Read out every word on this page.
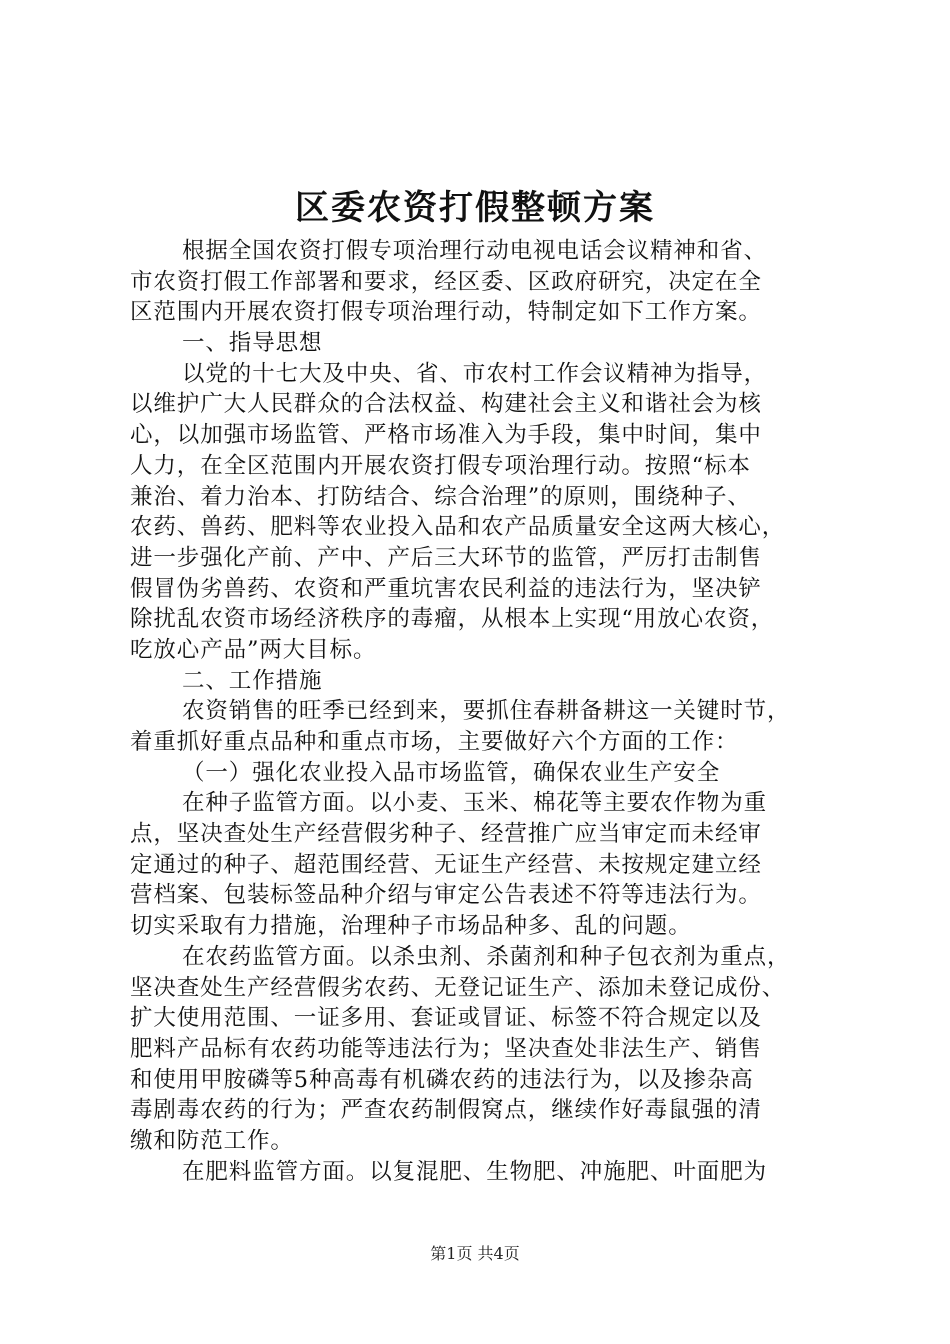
区委农资打假整顿方案
根据全国农资打假专项治理行动电视电话会议精神和省、
市农资打假工作部署和要求，经区委、区政府研究，决定在全
区范围内开展农资打假专项治理行动，特制定如下工作方案。
一、指导思想
以党的十七大及中央、省、市农村工作会议精神为指导，
以维护广大人民群众的合法权益、构建社会主义和谐社会为核
心，以加强市场监管、严格市场准入为手段，集中时间，集中
人力，在全区范围内开展农资打假专项治理行动。按照“标本
兼治、着力治本、打防结合、综合治理”的原则，围绕种子、
农药、兽药、肥料等农业投入品和农产品质量安全这两大核心，
进一步强化产前、产中、产后三大环节的监管，严厉打击制售
假冒伪劣兽药、农资和严重坑害农民利益的违法行为，坚决铲
除扰乱农资市场经济秩序的毒瘤，从根本上实现“用放心农资，
吃放心产品”两大目标。
二、工作措施
农资销售的旺季已经到来，要抓住春耕备耕这一关键时节，
着重抓好重点品种和重点市场，主要做好六个方面的工作：
（一）强化农业投入品市场监管，确保农业生产安全
在种子监管方面。以小麦、玉米、棉花等主要农作物为重
点，坚决查处生产经营假劣种子、经营推广应当审定而未经审
定通过的种子、超范围经营、无证生产经营、未按规定建立经
营档案、包装标签品种介绍与审定公告表述不符等违法行为。
切实采取有力措施，治理种子市场品种多、乱的问题。
在农药监管方面。以杀虫剂、杀菌剂和种子包衣剂为重点，
坚决查处生产经营假劣农药、无登记证生产、添加未登记成份、
扩大使用范围、一证多用、套证或冒证、标签不符合规定以及
肥料产品标有农药功能等违法行为；坚决查处非法生产、销售
和使用甲胺磷等5种高毒有机磷农药的违法行为，以及掺杂高
毒剧毒农药的行为；严查农药制假窝点，继续作好毒鼠强的清
缴和防范工作。
在肥料监管方面。以复混肥、生物肥、冲施肥、叶面肥为
第1页 共4页
